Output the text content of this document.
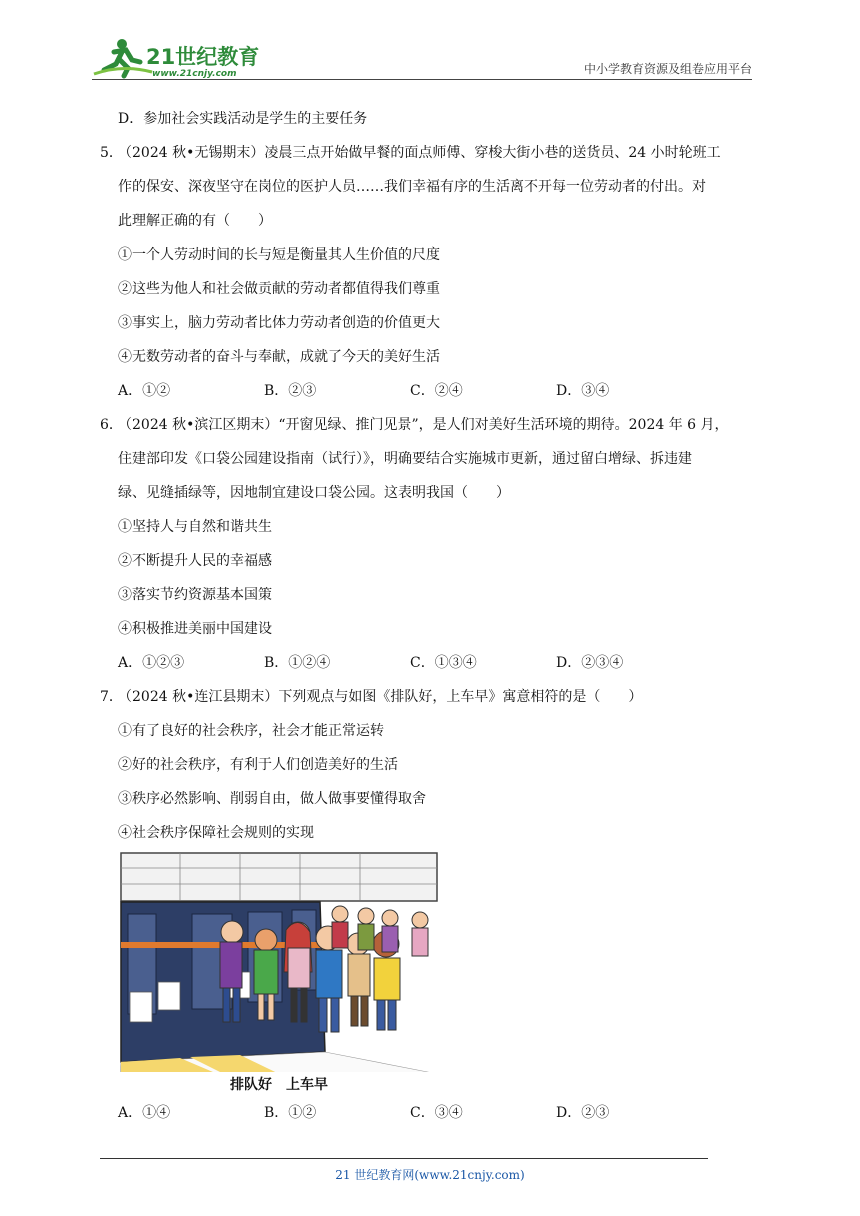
21世纪教育
www.21cnjy.com	中小学教育资源及组卷应用平台
D．参加社会实践活动是学生的主要任务
5．（2024 秋•无锡期末）凌晨三点开始做早餐的面点师傅、穿梭大街小巷的送货员、24 小时轮班工
作的保安、深夜坚守在岗位的医护人员……我们幸福有序的生活离不开每一位劳动者的付出。对
此理解正确的有（　　）
①一个人劳动时间的长与短是衡量其人生价值的尺度
②这些为他人和社会做贡献的劳动者都值得我们尊重
③事实上，脑力劳动者比体力劳动者创造的价值更大
④无数劳动者的奋斗与奉献，成就了今天的美好生活
A．①②	B．②③	C．②④	D．③④
6．（2024 秋•滨江区期末）“开窗见绿、推门见景”，是人们对美好生活环境的期待。2024 年 6 月，
住建部印发《口袋公园建设指南（试行）》，明确要结合实施城市更新，通过留白增绿、拆违建
绿、见缝插绿等，因地制宜建设口袋公园。这表明我国（　　）
①坚持人与自然和谐共生
②不断提升人民的幸福感
③落实节约资源基本国策
④积极推进美丽中国建设
A．①②③	B．①②④	C．①③④	D．②③④
7．（2024 秋•连江县期末）下列观点与如图《排队好，上车早》寓意相符的是（　　）
①有了良好的社会秩序，社会才能正常运转
②好的社会秩序，有利于人们创造美好的生活
③秩序必然影响、削弱自由，做人做事要懂得取舍
④社会秩序保障社会规则的实现
排队好　上车早
A．①④	B．①②	C．③④	D．②③
21 世纪教育网(www.21cnjy.com)
